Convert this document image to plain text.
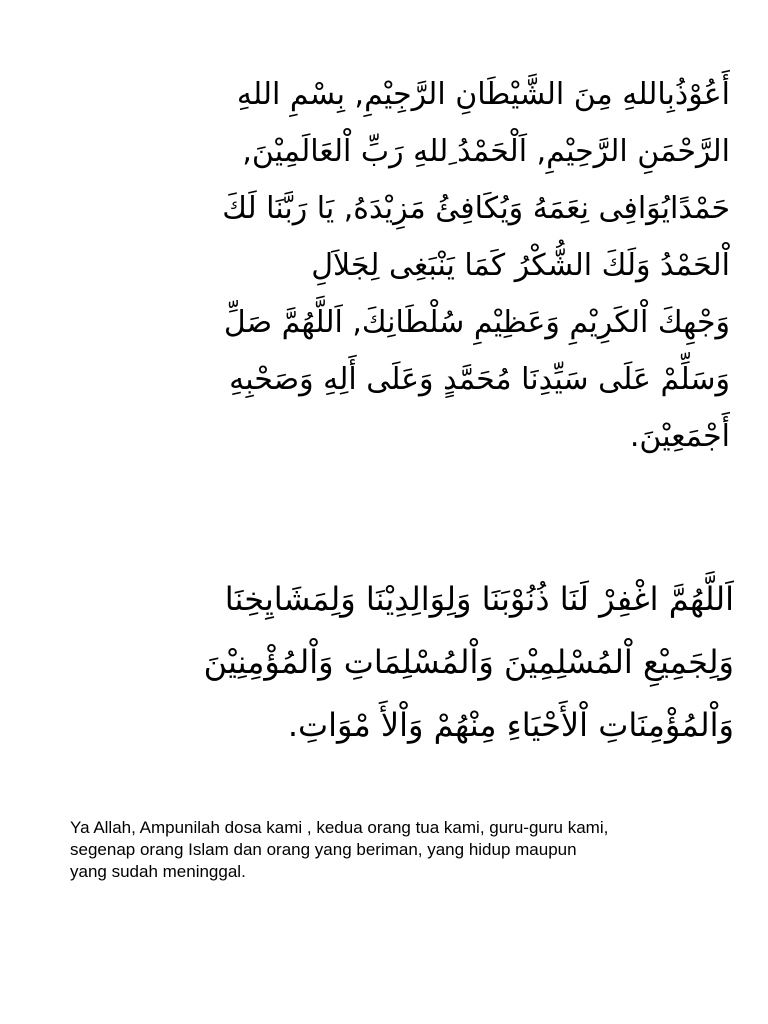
أَعُوْذُبِاللهِ مِنَ الشَّيْطَانِ الرَّجِيْمِ, بِسْمِ اللهِ
الرَّحْمَنِ الرَّحِيْمِ, اَلْحَمْدُ ِللهِ رَبِّ اْلعَالَمِيْنَ,
حَمْدًايُوَافِى نِعَمَهُ وَيُكَافِئُ مَزِيْدَهُ, يَا رَبَّنَا لَكَ
اْلحَمْدُ وَلَكَ الشُّكْرُ كَمَا يَنْبَغِى لِجَلاَلِ
وَجْهِكَ اْلكَرِيْمِ وَعَظِيْمِ سُلْطَانِكَ, اَللَّهُمَّ صَلِّ
وَسَلِّمْ عَلَى سَيِّدِنَا مُحَمَّدٍ وَعَلَى أَلِهِ وَصَحْبِهِ
أَجْمَعِيْنَ.
اَللَّهُمَّ اغْفِرْ لَنَا ذُنُوْبَنَا وَلِوَالِدِيْنَا وَلِمَشَايِخِنَا
وَلِجَمِيْعِ اْلمُسْلِمِيْنَ وَاْلمُسْلِمَاتِ وَاْلمُؤْمِنِيْنَ
وَاْلمُؤْمِنَاتِ اْلأَحْيَاءِ مِنْهُمْ وَاْلأَ مْوَاتِ.

Ya Allah, Ampunilah dosa kami , kedua orang tua kami, guru-guru kami,
segenap orang Islam dan orang yang beriman, yang hidup maupun
yang sudah meninggal.
